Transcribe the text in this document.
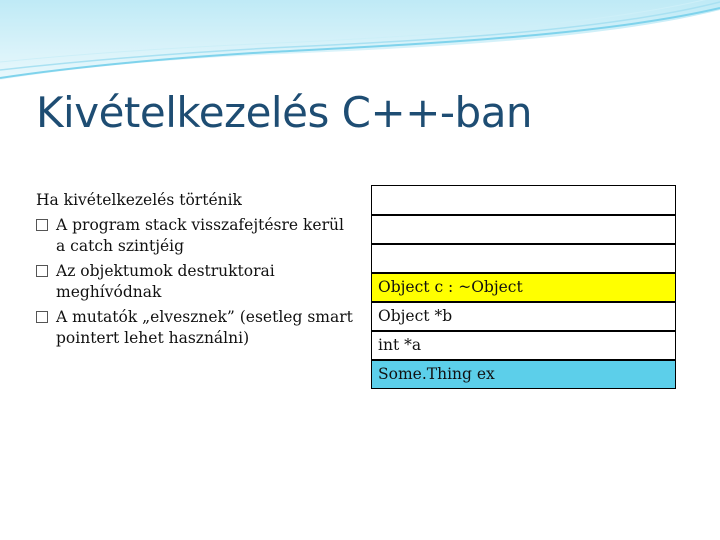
Kivételkezelés C++-ban

Ha kivételkezelés történik

A program stack visszafejtésre kerül a catch szintjéig
Az objektumok destruktorai meghívódnak
A mutatók „elvesznek” (esetleg smart pointert lehet használni)
Object c : ~Object
Object *b
int *a
Some.Thing ex
